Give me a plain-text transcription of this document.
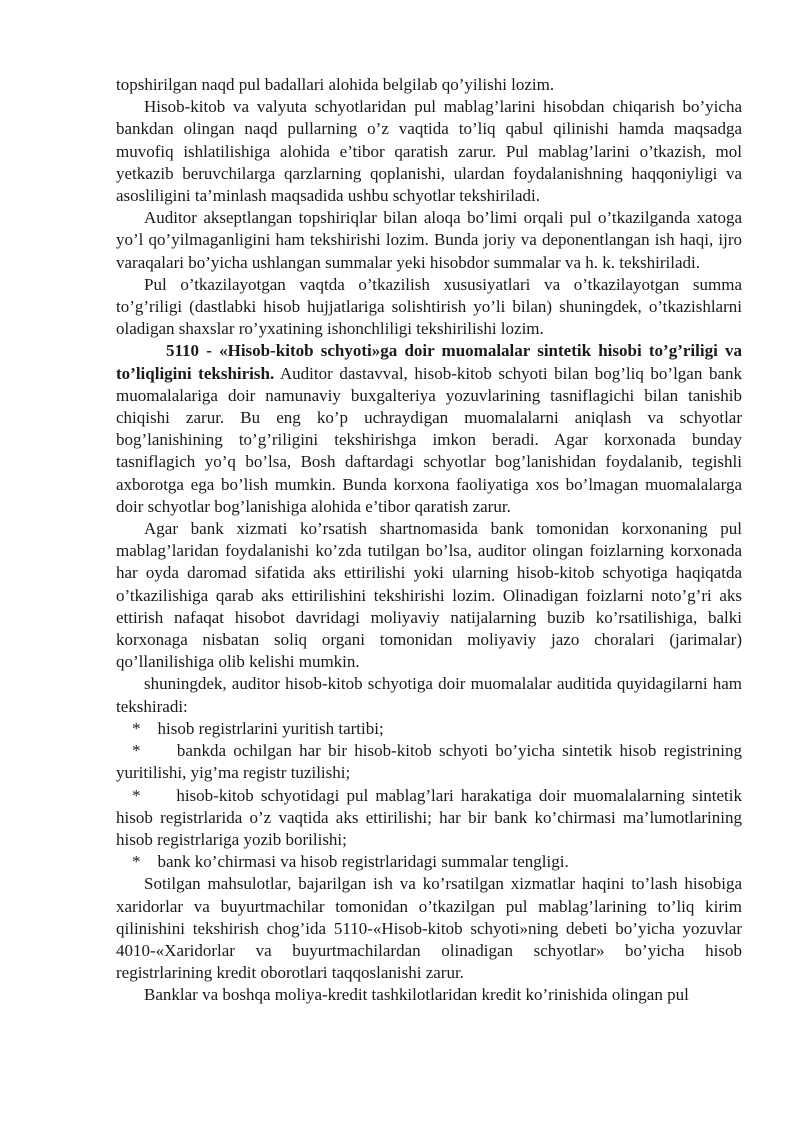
topshirilgan naqd pul badallari alohida belgilab qo’yilishi lozim.

Hisob-kitob va valyuta schyotlaridan pul mablag’larini hisobdan chiqarish bo’yicha bankdan olingan naqd pullarning o’z vaqtida to’liq qabul qilinishi hamda maqsadga muvofiq ishlatilishiga alohida e’tibor qaratish zarur. Pul mablag’larini o’tkazish, mol yetkazib beruvchilarga qarzlarning qoplanishi, ulardan foydalanishning haqqoniyligi va asosliligini ta’minlash maqsadida ushbu schyotlar tekshiriladi.

Auditor akseptlangan topshiriqlar bilan aloqa bo’limi orqali pul o’tkazilganda xatoga yo’l qo’yilmaganligini ham tekshirishi lozim. Bunda joriy va deponentlangan ish haqi, ijro varaqalari bo’yicha ushlangan summalar yeki hisobdor summalar va h. k. tekshiriladi.

Pul o’tkazilayotgan vaqtda o’tkazilish xususiyatlari va o’tkazilayotgan summa to’g’riligi (dastlabki hisob hujjatlariga solishtirish yo’li bilan) shuningdek, o’tkazishlarni oladigan shaxslar ro’yxatining ishonchliligi tekshirilishi lozim.

5110 - «Hisob-kitob schyoti»ga doir muomalalar sintetik hisobi to’g’riligi va to’liqligini tekshirish. Auditor dastavval, hisob-kitob schyoti bilan bog’liq bo’lgan bank muomalalariga doir namunaviy buxgalteriya yozuvlarining tasniflagichi bilan tanishib chiqishi zarur. Bu eng ko’p uchraydigan muomalalarni aniqlash va schyotlar bog’lanishining to’g’riligini tekshirishga imkon beradi. Agar korxonada bunday tasniflagich yo’q bo’lsa, Bosh daftardagi schyotlar bog’lanishidan foydalanib, tegishli axborotga ega bo’lish mumkin. Bunda korxona faoliyatiga xos bo’lmagan muomalalarga doir schyotlar bog’lanishiga alohida e’tibor qaratish zarur.

Agar bank xizmati ko’rsatish shartnomasida bank tomonidan korxonaning pul mablag’laridan foydalanishi ko’zda tutilgan bo’lsa, auditor olingan foizlarning korxonada har oyda daromad sifatida aks ettirilishi yoki ularning hisob-kitob schyotiga haqiqatda o’tkazilishiga qarab aks ettirilishini tekshirishi lozim. Olinadigan foizlarni noto’g’ri aks ettirish nafaqat hisobot davridagi moliyaviy natijalarning buzib ko’rsatilishiga, balki korxonaga nisbatan soliq organi tomonidan moliyaviy jazo choralari (jarimalar) qo’llanilishiga olib kelishi mumkin.

shuningdek, auditor hisob-kitob schyotiga doir muomalalar auditida quyidagilarni ham tekshiradi:

* hisob registrlarini yuritish tartibi;

* bankda ochilgan har bir hisob-kitob schyoti bo’yicha sintetik hisob registrining yuritilishi, yig’ma registr tuzilishi;

* hisob-kitob schyotidagi pul mablag’lari harakatiga doir muomalalarning sintetik hisob registrlarida o’z vaqtida aks ettirilishi; har bir bank ko’chirmasi ma’lumotlarining hisob registrlariga yozib borilishi;

* bank ko’chirmasi va hisob registrlaridagi summalar tengligi.

Sotilgan mahsulotlar, bajarilgan ish va ko’rsatilgan xizmatlar haqini to’lash hisobiga xaridorlar va buyurtmachilar tomonidan o’tkazilgan pul mablag’larining to’liq kirim qilinishini tekshirish chog’ida 5110-«Hisob-kitob schyoti»ning debeti bo’yicha yozuvlar 4010-«Xaridorlar va buyurtmachilardan olinadigan schyotlar» bo’yicha hisob registrlarining kredit oborotlari taqqoslanishi zarur.

Banklar va boshqa moliya-kredit tashkilotlaridan kredit ko’rinishida olingan pul
